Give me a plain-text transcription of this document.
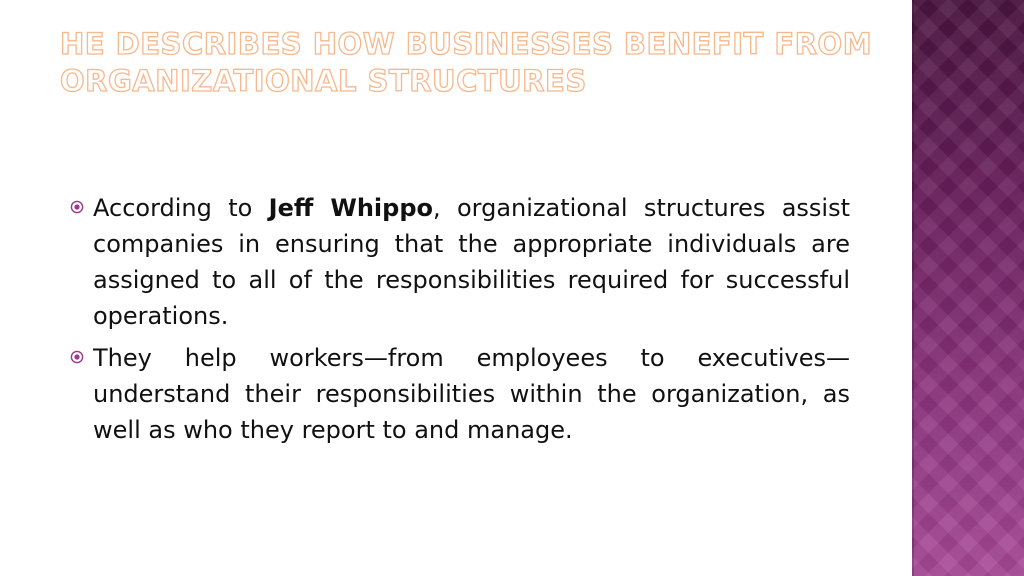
HE DESCRIBES HOW BUSINESSES BENEFIT FROM ORGANIZATIONAL STRUCTURES
According to Jeff Whippo, organizational structures assist companies in ensuring that the appropriate individuals are assigned to all of the responsibilities required for successful operations.
They help workers—from employees to executives—understand their responsibilities within the organization, as well as who they report to and manage.
